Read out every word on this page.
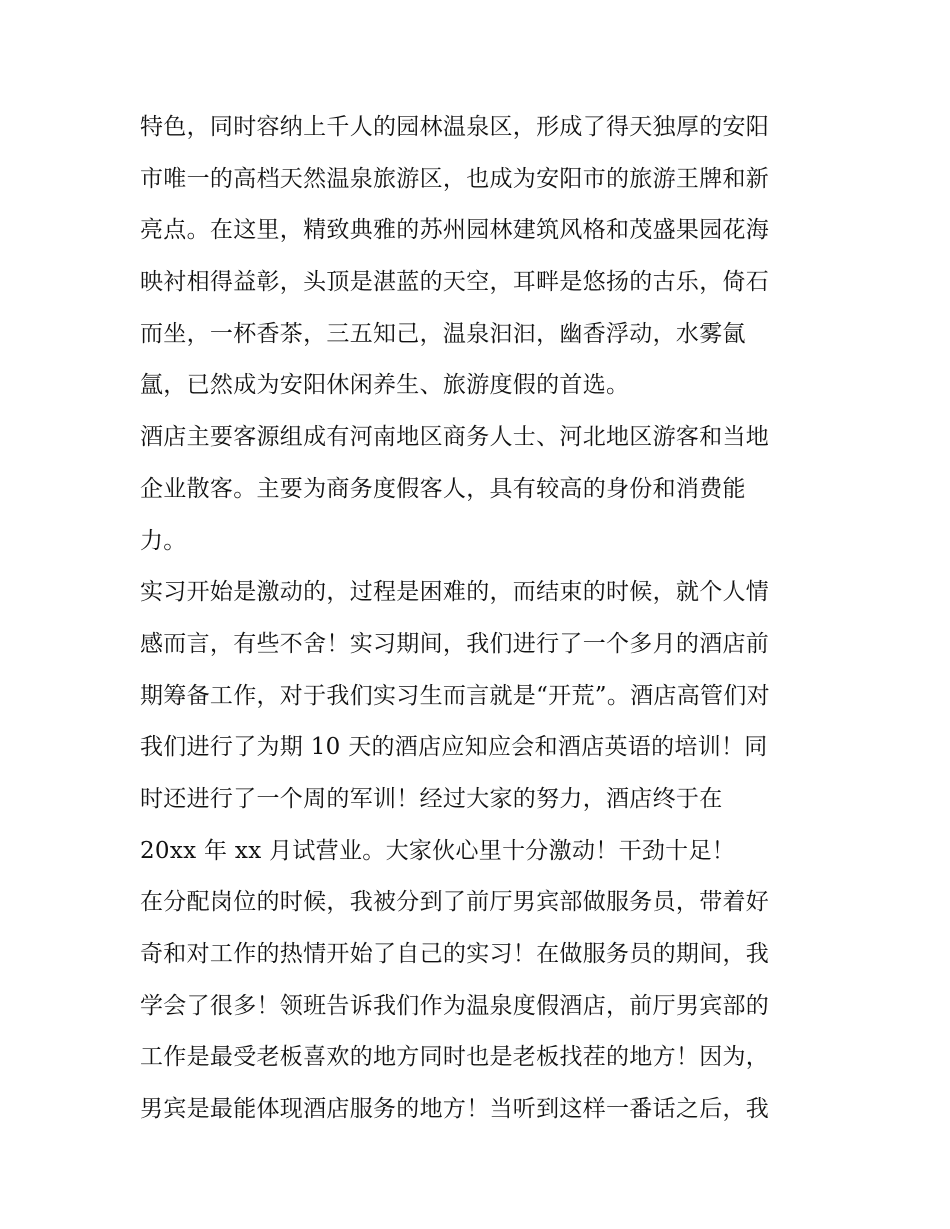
特色，同时容纳上千人的园林温泉区，形成了得天独厚的安阳
市唯一的高档天然温泉旅游区，也成为安阳市的旅游王牌和新
亮点。在这里，精致典雅的苏州园林建筑风格和茂盛果园花海
映衬相得益彰，头顶是湛蓝的天空，耳畔是悠扬的古乐，倚石
而坐，一杯香茶，三五知己，温泉汩汩，幽香浮动，水雾氤
氲，已然成为安阳休闲养生、旅游度假的首选。
酒店主要客源组成有河南地区商务人士、河北地区游客和当地
企业散客。主要为商务度假客人，具有较高的身份和消费能
力。
实习开始是激动的，过程是困难的，而结束的时候，就个人情
感而言，有些不舍！实习期间，我们进行了一个多月的酒店前
期筹备工作，对于我们实习生而言就是“开荒”。酒店高管们对
我们进行了为期 10 天的酒店应知应会和酒店英语的培训！同
时还进行了一个周的军训！经过大家的努力，酒店终于在
20xx 年 xx 月试营业。大家伙心里十分激动！干劲十足！
在分配岗位的时候，我被分到了前厅男宾部做服务员，带着好
奇和对工作的热情开始了自己的实习！在做服务员的期间，我
学会了很多！领班告诉我们作为温泉度假酒店，前厅男宾部的
工作是最受老板喜欢的地方同时也是老板找茬的地方！因为，
男宾是最能体现酒店服务的地方！当听到这样一番话之后，我
